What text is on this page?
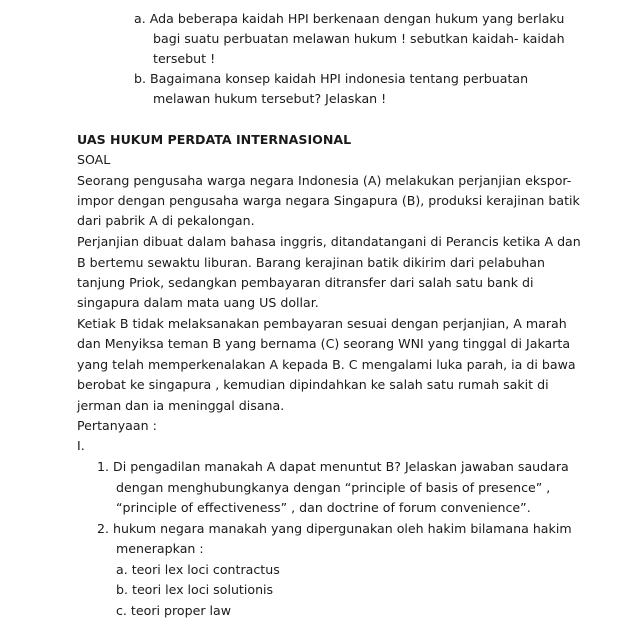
a. Ada beberapa kaidah HPI berkenaan dengan hukum yang berlaku
bagi suatu perbuatan melawan hukum ! sebutkan kaidah- kaidah
tersebut !
b. Bagaimana konsep kaidah HPI indonesia tentang perbuatan
melawan hukum tersebut? Jelaskan !
UAS HUKUM PERDATA INTERNASIONAL
SOAL
Seorang pengusaha warga negara Indonesia (A) melakukan perjanjian ekspor-
impor dengan pengusaha warga negara Singapura (B), produksi kerajinan batik
dari pabrik A di pekalongan.
Perjanjian dibuat dalam bahasa inggris, ditandatangani di Perancis ketika A dan
B bertemu sewaktu liburan. Barang kerajinan batik dikirim dari pelabuhan
tanjung Priok, sedangkan pembayaran ditransfer dari salah satu bank di
singapura dalam mata uang US dollar.
Ketiak B tidak melaksanakan pembayaran sesuai dengan perjanjian, A marah
dan Menyiksa teman B yang bernama (C) seorang WNI yang tinggal di Jakarta
yang telah memperkenalakan A kepada B. C mengalami luka parah, ia di bawa
berobat ke singapura , kemudian dipindahkan ke salah satu rumah sakit di
jerman dan ia meninggal disana.
Pertanyaan :
I.
1. Di pengadilan manakah A dapat menuntut B? Jelaskan jawaban saudara
dengan menghubungkanya dengan “principle of basis of presence” ,
“principle of effectiveness” , dan doctrine of forum convenience”.
2. hukum negara manakah yang dipergunakan oleh hakim bilamana hakim
menerapkan :
a. teori lex loci contractus
b. teori lex loci solutionis
c. teori proper law
